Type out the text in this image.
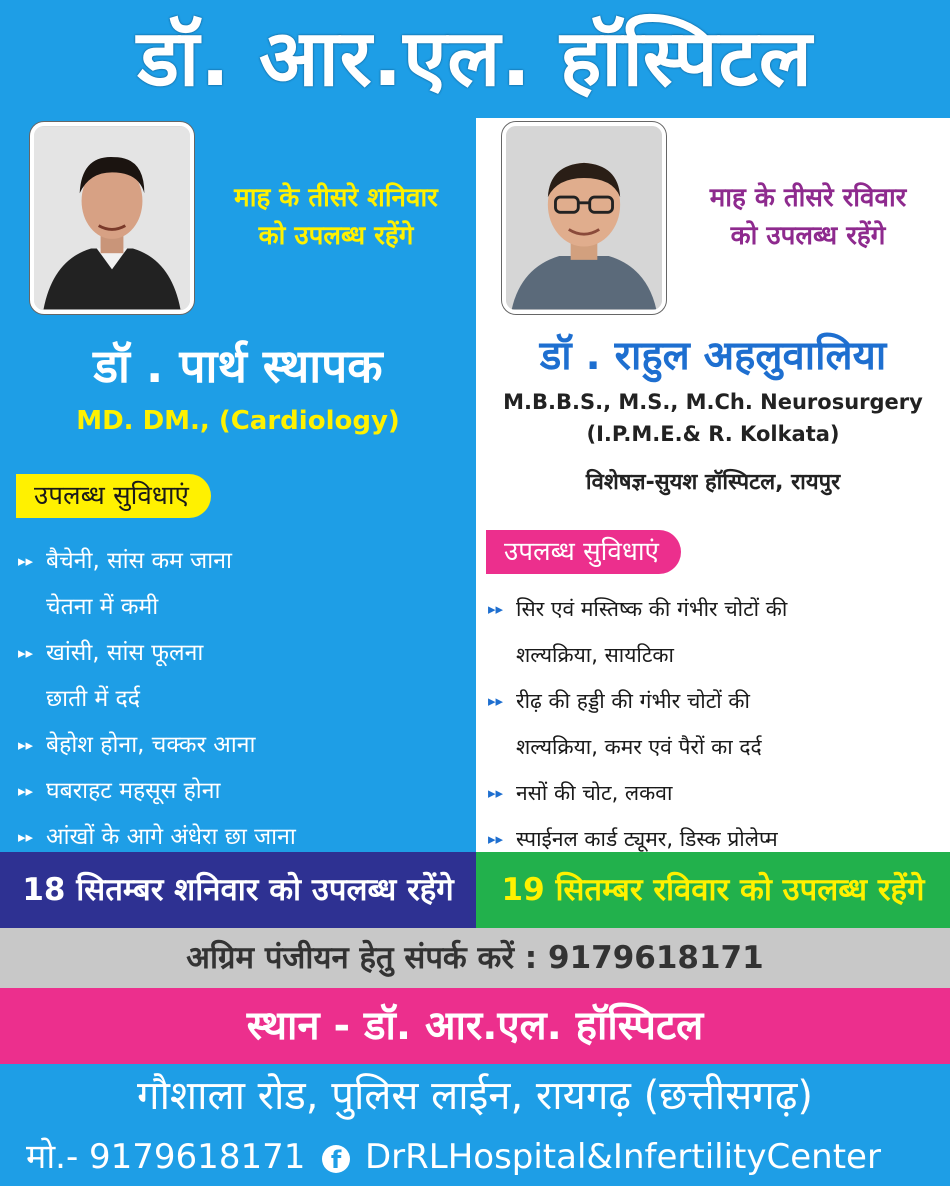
डॉ. आर.एल. हॉस्पिटल
माह के तीसरे शनिवार
को उपलब्ध रहेंगे
डॉ . पार्थ स्थापक
MD. DM., (Cardiology)
उपलब्ध सुविधाएं
▸▸ बैचेनी, सांस कम जाना
चेतना में कमी
▸▸ खांसी, सांस फूलना
छाती में दर्द
▸▸ बेहोश होना, चक्कर आना
▸▸ घबराहट महसूस होना
▸▸ आंखों के आगे अंधेरा छा जाना
माह के तीसरे रविवार
को उपलब्ध रहेंगे
डॉ . राहुल अहलुवालिया
M.B.B.S., M.S., M.Ch. Neurosurgery
(I.P.M.E.& R. Kolkata)
विशेषज्ञ-सुयश हॉस्पिटल, रायपुर
उपलब्ध सुविधाएं
▸▸ सिर एवं मस्तिष्क की गंभीर चोटों की
शल्यक्रिया, सायटिका
▸▸ रीढ़ की हड्डी की गंभीर चोटों की
शल्यक्रिया, कमर एवं पैरों का दर्द
▸▸ नसों की चोट, लकवा
▸▸ स्पाईनल कार्ड ट्यूमर, डिस्क प्रोलेप्म
18 सितम्बर शनिवार को उपलब्ध रहेंगे	19 सितम्बर रविवार को उपलब्ध रहेंगे
अग्रिम पंजीयन हेतु संपर्क करें : 9179618171
स्थान - डॉ. आर.एल. हॉस्पिटल
गौशाला रोड, पुलिस लाईन, रायगढ़ (छत्तीसगढ़)
मो.- 9179618171 f DrRLHospital&InfertilityCenter
